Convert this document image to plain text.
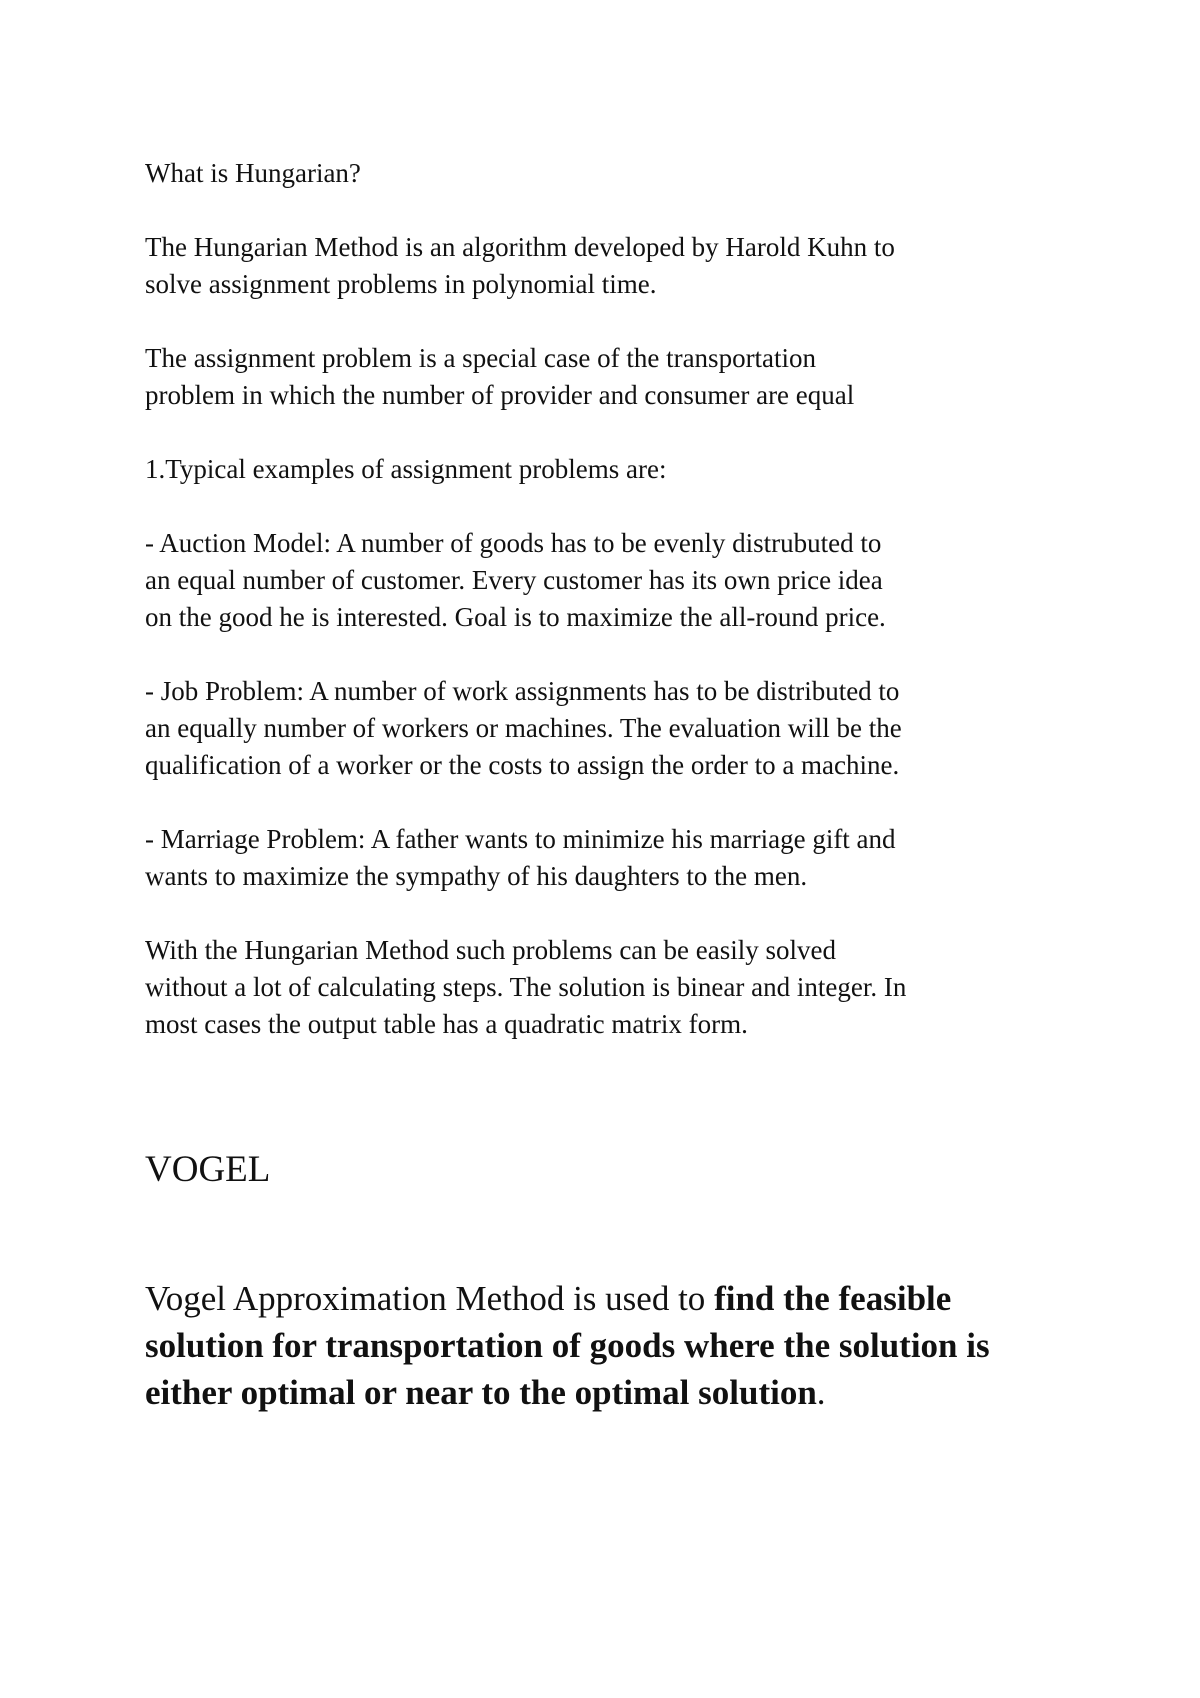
What is Hungarian?

The Hungarian Method is an algorithm developed by Harold Kuhn to
solve assignment problems in polynomial time.

The assignment problem is a special case of the transportation
problem in which the number of provider and consumer are equal

1.Typical examples of assignment problems are:

- Auction Model: A number of goods has to be evenly distrubuted to
an equal number of customer. Every customer has its own price idea
on the good he is interested. Goal is to maximize the all-round price.

- Job Problem: A number of work assignments has to be distributed to
an equally number of workers or machines. The evaluation will be the
qualification of a worker or the costs to assign the order to a machine.

- Marriage Problem: A father wants to minimize his marriage gift and
wants to maximize the sympathy of his daughters to the men.

With the Hungarian Method such problems can be easily solved
without a lot of calculating steps. The solution is binear and integer. In
most cases the output table has a quadratic matrix form.

VOGEL

Vogel Approximation Method is used to find the feasible solution for transportation of goods where the solution is either optimal or near to the optimal solution.
